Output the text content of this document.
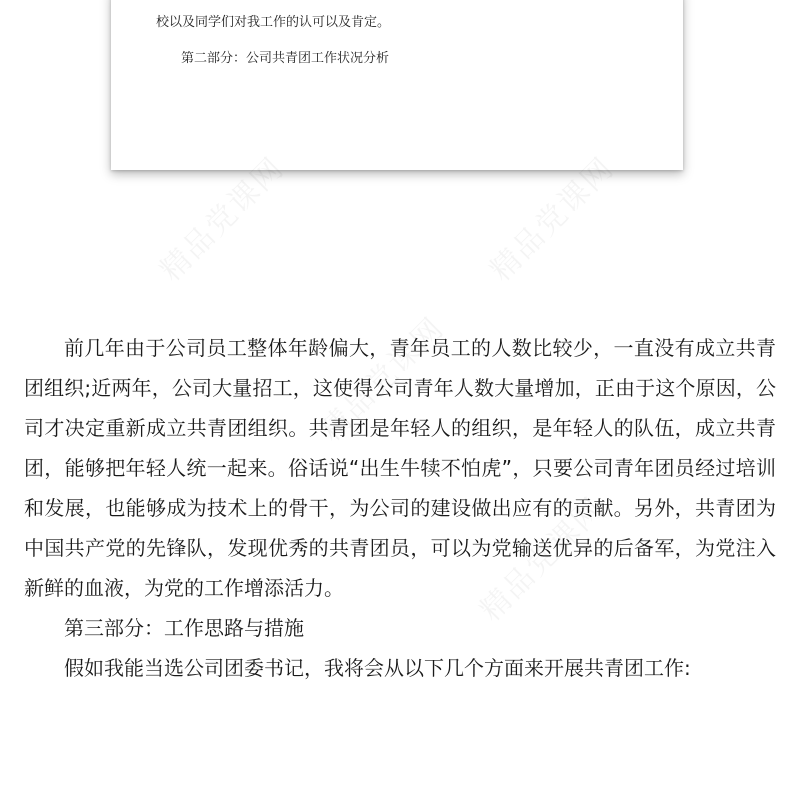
校以及同学们对我工作的认可以及肯定。
第二部分：公司共青团工作状况分析

前几年由于公司员工整体年龄偏大，青年员工的人数比较少，一直没有成立共青团组织;近两年，公司大量招工，这使得公司青年人数大量增加，正由于这个原因，公司才决定重新成立共青团组织。共青团是年轻人的组织，是年轻人的队伍，成立共青团，能够把年轻人统一起来。俗话说“出生牛犊不怕虎”，只要公司青年团员经过培训和发展，也能够成为技术上的骨干，为公司的建设做出应有的贡献。另外，共青团为中国共产党的先锋队，发现优秀的共青团员，可以为党输送优异的后备军，为党注入新鲜的血液，为党的工作增添活力。

第三部分：工作思路与措施

假如我能当选公司团委书记，我将会从以下几个方面来开展共青团工作:
